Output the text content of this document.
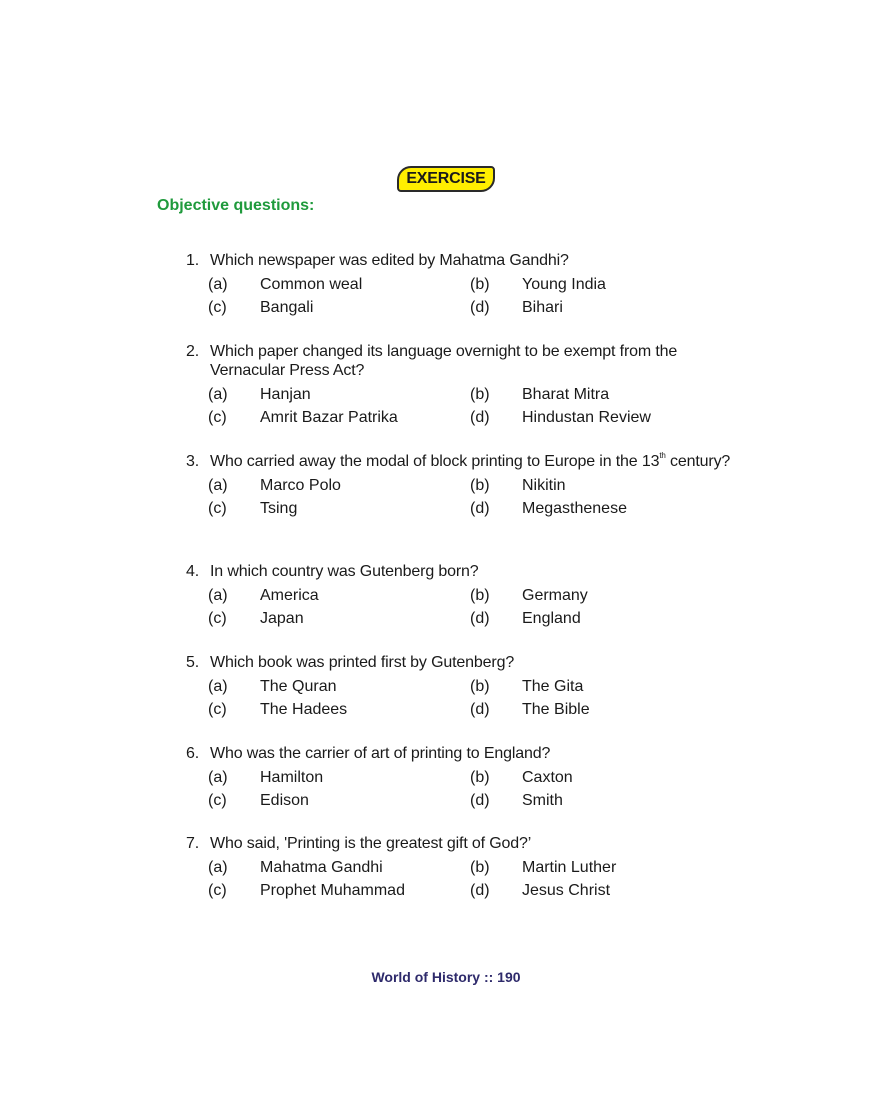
EXERCISE
Objective questions:
1. Which newspaper was edited by Mahatma Gandhi?
(a) Common weal	(b) Young India
(c) Bangali	(d) Bihari
2. Which paper changed its language overnight to be exempt from the Vernacular Press Act?
(a) Hanjan	(b) Bharat Mitra
(c) Amrit Bazar Patrika	(d) Hindustan Review
3. Who carried away the modal of block printing to Europe in the 13th century?
(a) Marco Polo	(b) Nikitin
(c) Tsing	(d) Megasthenese
4. In which country was Gutenberg born?
(a) America	(b) Germany
(c) Japan	(d) England
5. Which book was printed first by Gutenberg?
(a) The Quran	(b) The Gita
(c) The Hadees	(d) The Bible
6. Who was the carrier of art of printing to England?
(a) Hamilton	(b) Caxton
(c) Edison	(d) Smith
7. Who said, 'Printing is the greatest gift of God?’
(a) Mahatma Gandhi	(b) Martin Luther
(c) Prophet Muhammad	(d) Jesus Christ
World of History :: 190
